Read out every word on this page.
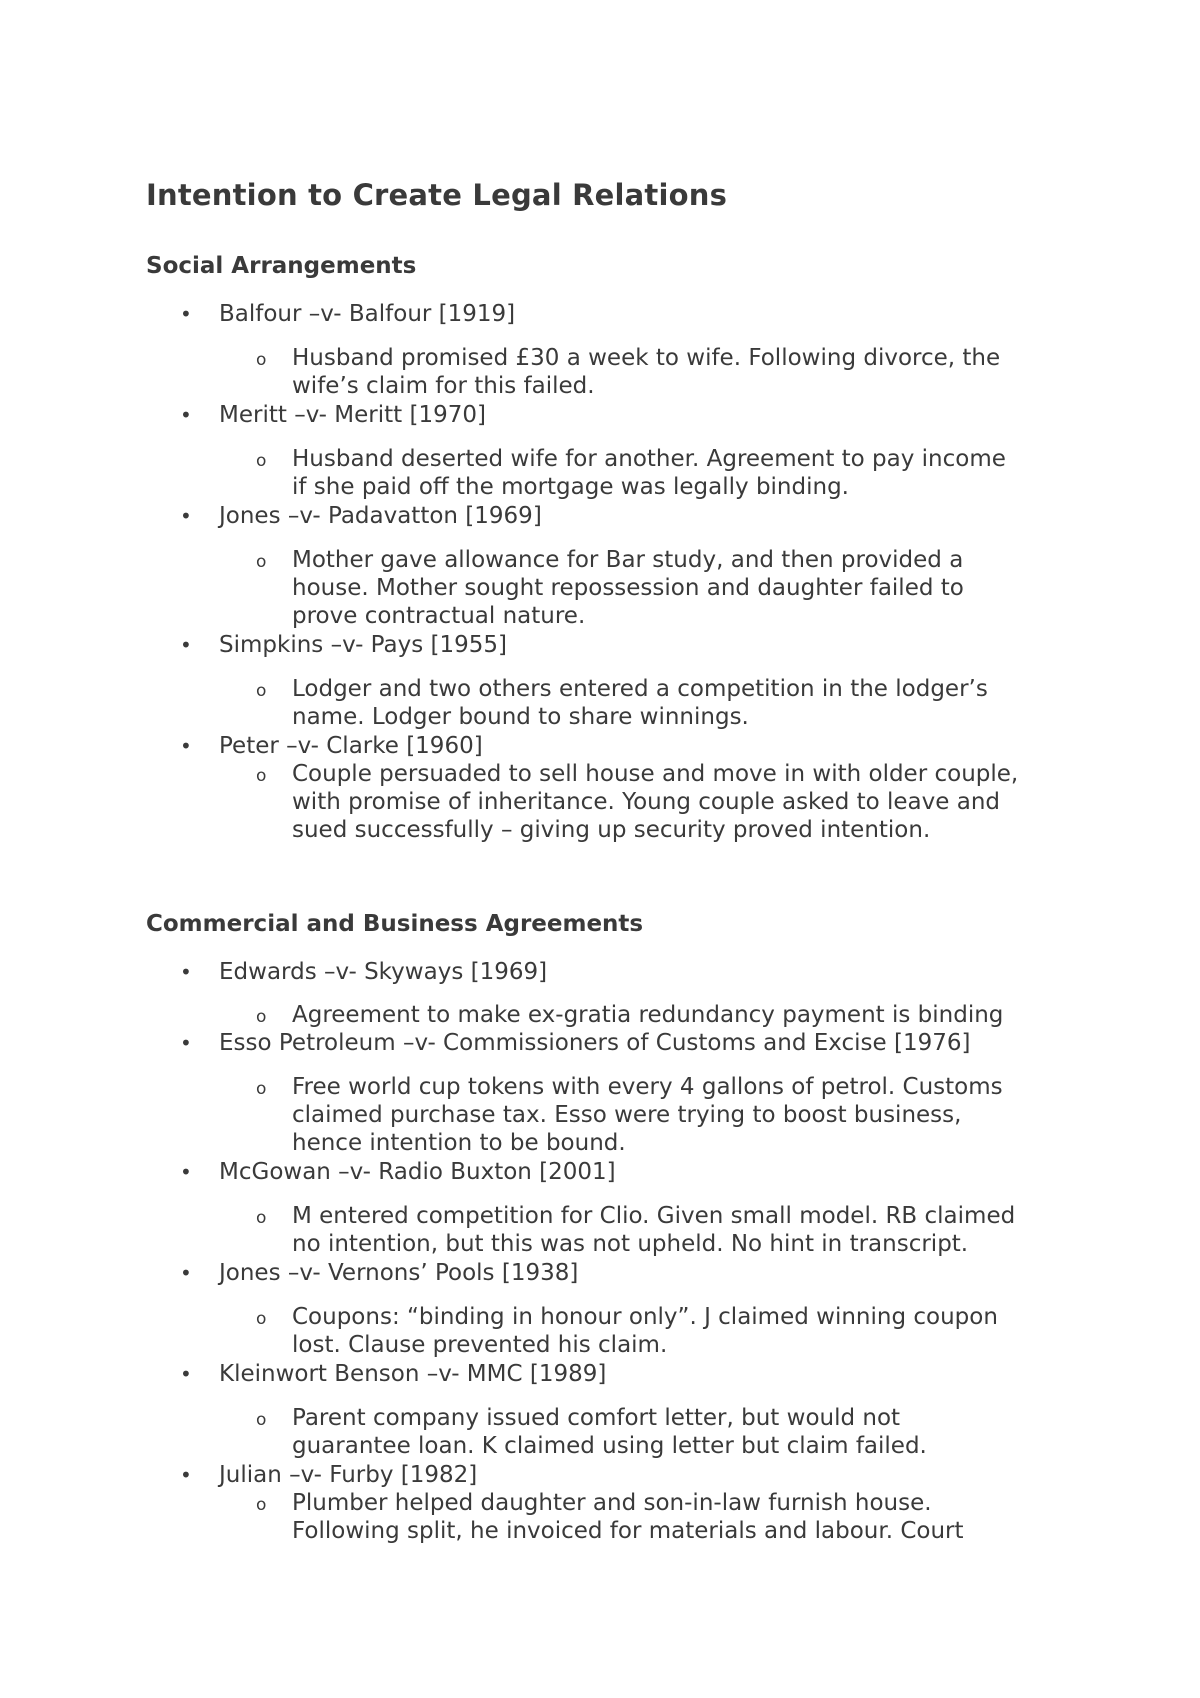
Intention to Create Legal Relations
Social Arrangements
•	Balfour –v- Balfour [1919]
o Husband promised £30 a week to wife. Following divorce, the
wife’s claim for this failed.
•	Meritt –v- Meritt [1970]
o Husband deserted wife for another. Agreement to pay income
if she paid off the mortgage was legally binding.
•	Jones –v- Padavatton [1969]
o Mother gave allowance for Bar study, and then provided a
house. Mother sought repossession and daughter failed to
prove contractual nature.
•	Simpkins –v- Pays [1955]
o Lodger and two others entered a competition in the lodger’s
name. Lodger bound to share winnings.
•	Peter –v- Clarke [1960]
o Couple persuaded to sell house and move in with older couple,
with promise of inheritance. Young couple asked to leave and
sued successfully – giving up security proved intention.
Commercial and Business Agreements
•	Edwards –v- Skyways [1969]
o Agreement to make ex-gratia redundancy payment is binding
•	Esso Petroleum –v- Commissioners of Customs and Excise [1976]
o Free world cup tokens with every 4 gallons of petrol. Customs
claimed purchase tax. Esso were trying to boost business,
hence intention to be bound.
•	McGowan –v- Radio Buxton [2001]
o M entered competition for Clio. Given small model. RB claimed
no intention, but this was not upheld. No hint in transcript.
•	Jones –v- Vernons’ Pools [1938]
o Coupons: “binding in honour only”. J claimed winning coupon
lost. Clause prevented his claim.
•	Kleinwort Benson –v- MMC [1989]
o Parent company issued comfort letter, but would not
guarantee loan. K claimed using letter but claim failed.
•	Julian –v- Furby [1982]
o Plumber helped daughter and son-in-law furnish house.
Following split, he invoiced for materials and labour. Court
